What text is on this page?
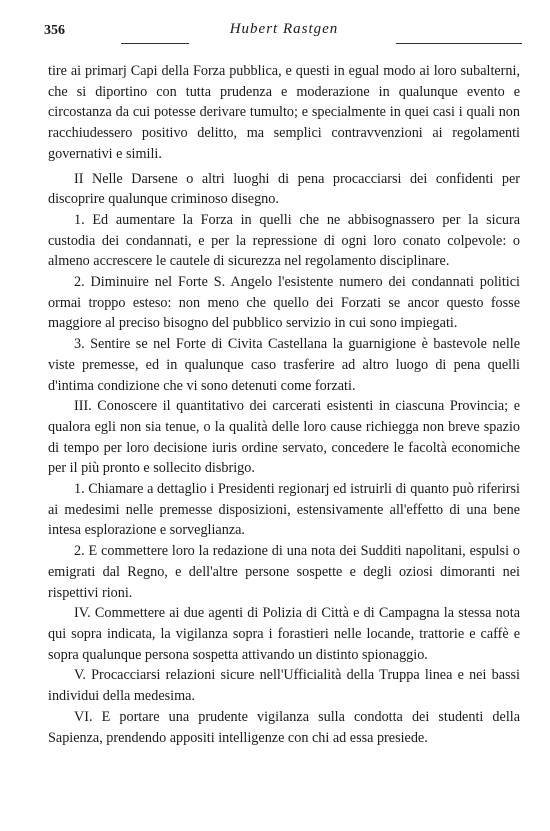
356	Hubert Rastgen

tire ai primarj Capi della Forza pubblica, e questi in egual modo ai loro subalterni, che si diportino con tutta prudenza e moderazione in qualunque evento e circostanza da cui potesse derivare tumulto; e specialmente in quei casi i quali non racchiudessero positivo delitto, ma semplici contravvenzioni ai regolamenti governativi e simili.

II Nelle Darsene o altri luoghi di pena procacciarsi dei confidenti per discoprire qualunque criminoso disegno.

1. Ed aumentare la Forza in quelli che ne abbisognassero per la sicura custodia dei condannati, e per la repressione di ogni loro conato colpevole: o almeno accrescere le cautele di sicurezza nel regolamento disciplinare.

2. Diminuire nel Forte S. Angelo l'esistente numero dei condannati politici ormai troppo esteso: non meno che quello dei Forzati se ancor questo fosse maggiore al preciso bisogno del pubblico servizio in cui sono impiegati.

3. Sentire se nel Forte di Civita Castellana la guarnigione è bastevole nelle viste premesse, ed in qualunque caso trasferire ad altro luogo di pena quelli d'intima condizione che vi sono detenuti come forzati.

III. Conoscere il quantitativo dei carcerati esistenti in ciascuna Provincia; e qualora egli non sia tenue, o la qualità delle loro cause richiegga non breve spazio di tempo per loro decisione iuris ordine servato, concedere le facoltà economiche per il più pronto e sollecito disbrigo.

1. Chiamare a dettaglio i Presidenti regionarj ed istruirli di quanto può riferirsi ai medesimi nelle premesse disposizioni, estensivamente all'effetto di una bene intesa esplorazione e sorveglianza.

2. E commettere loro la redazione di una nota dei Sudditi napolitani, espulsi o emigrati dal Regno, e dell'altre persone sospette e degli oziosi dimoranti nei rispettivi rioni.

IV. Commettere ai due agenti di Polizia di Città e di Campagna la stessa nota qui sopra indicata, la vigilanza sopra i forastieri nelle locande, trattorie e caffè e sopra qualunque persona sospetta attivando un distinto spionaggio.

V. Procacciarsi relazioni sicure nell'Ufficialità della Truppa linea e nei bassi individui della medesima.

VI. E portare una prudente vigilanza sulla condotta dei studenti della Sapienza, prendendo appositi intelligenze con chi ad essa presiede.
